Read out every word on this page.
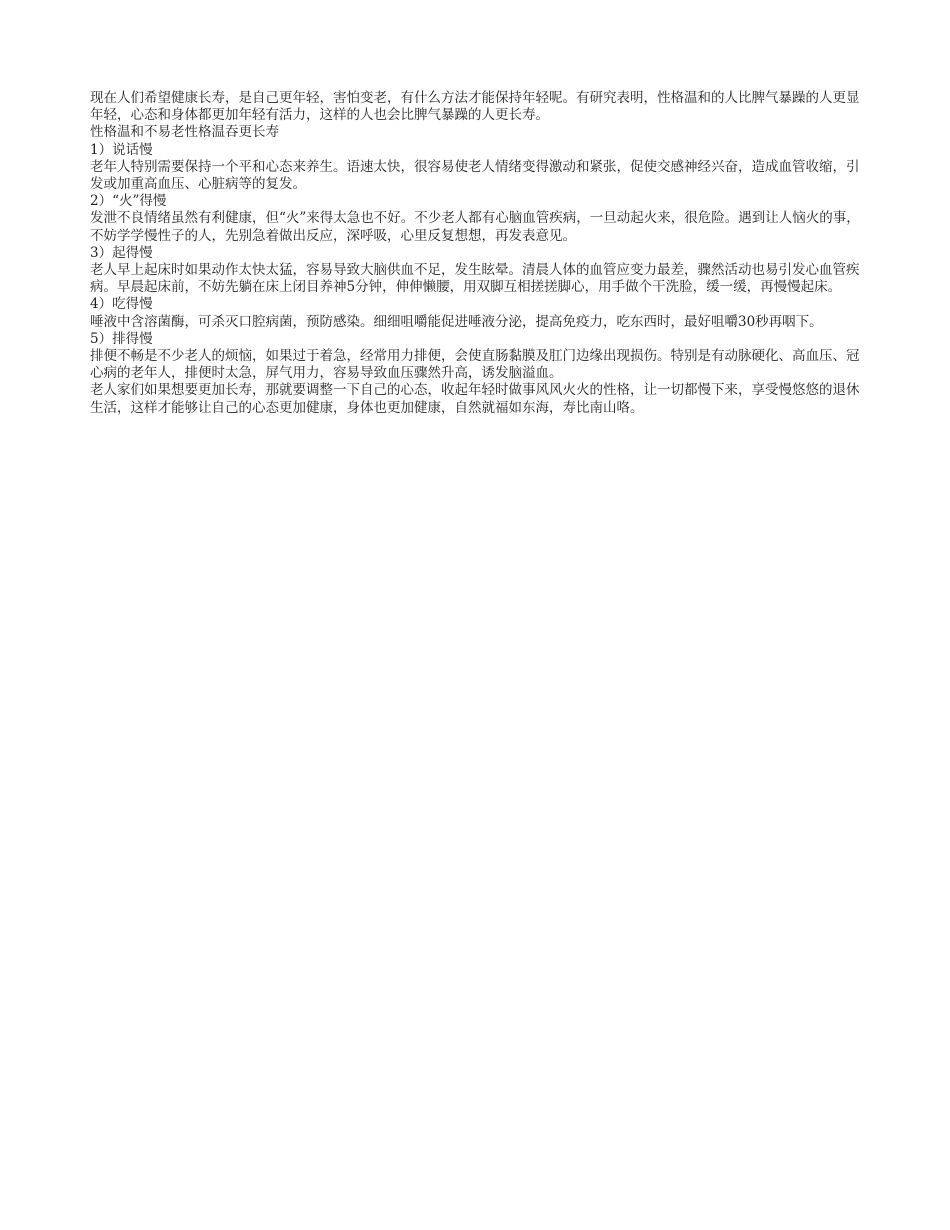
现在人们希望健康长寿，是自己更年轻，害怕变老，有什么方法才能保持年轻呢。有研究表明，性格温和的人比脾气暴躁的人更显年轻，心态和身体都更加年轻有活力，这样的人也会比脾气暴躁的人更长寿。

性格温和不易老性格温吞更长寿

1）说话慢

老年人特别需要保持一个平和心态来养生。语速太快，很容易使老人情绪变得激动和紧张，促使交感神经兴奋，造成血管收缩，引发或加重高血压、心脏病等的复发。

2）“火”得慢

发泄不良情绪虽然有利健康，但“火”来得太急也不好。不少老人都有心脑血管疾病，一旦动起火来，很危险。遇到让人恼火的事，不妨学学慢性子的人，先别急着做出反应，深呼吸，心里反复想想，再发表意见。

3）起得慢

老人早上起床时如果动作太快太猛，容易导致大脑供血不足，发生眩晕。清晨人体的血管应变力最差，骤然活动也易引发心血管疾病。早晨起床前，不妨先躺在床上闭目养神5分钟，伸伸懒腰，用双脚互相搓搓脚心，用手做个干洗脸，缓一缓，再慢慢起床。

4）吃得慢

唾液中含溶菌酶，可杀灭口腔病菌，预防感染。细细咀嚼能促进唾液分泌，提高免疫力，吃东西时，最好咀嚼30秒再咽下。

5）排得慢

排便不畅是不少老人的烦恼，如果过于着急，经常用力排便，会使直肠黏膜及肛门边缘出现损伤。特别是有动脉硬化、高血压、冠心病的老年人，排便时太急，屏气用力，容易导致血压骤然升高，诱发脑溢血。

老人家们如果想要更加长寿，那就要调整一下自己的心态，收起年轻时做事风风火火的性格，让一切都慢下来，享受慢悠悠的退休生活，这样才能够让自己的心态更加健康，身体也更加健康，自然就福如东海，寿比南山咯。
